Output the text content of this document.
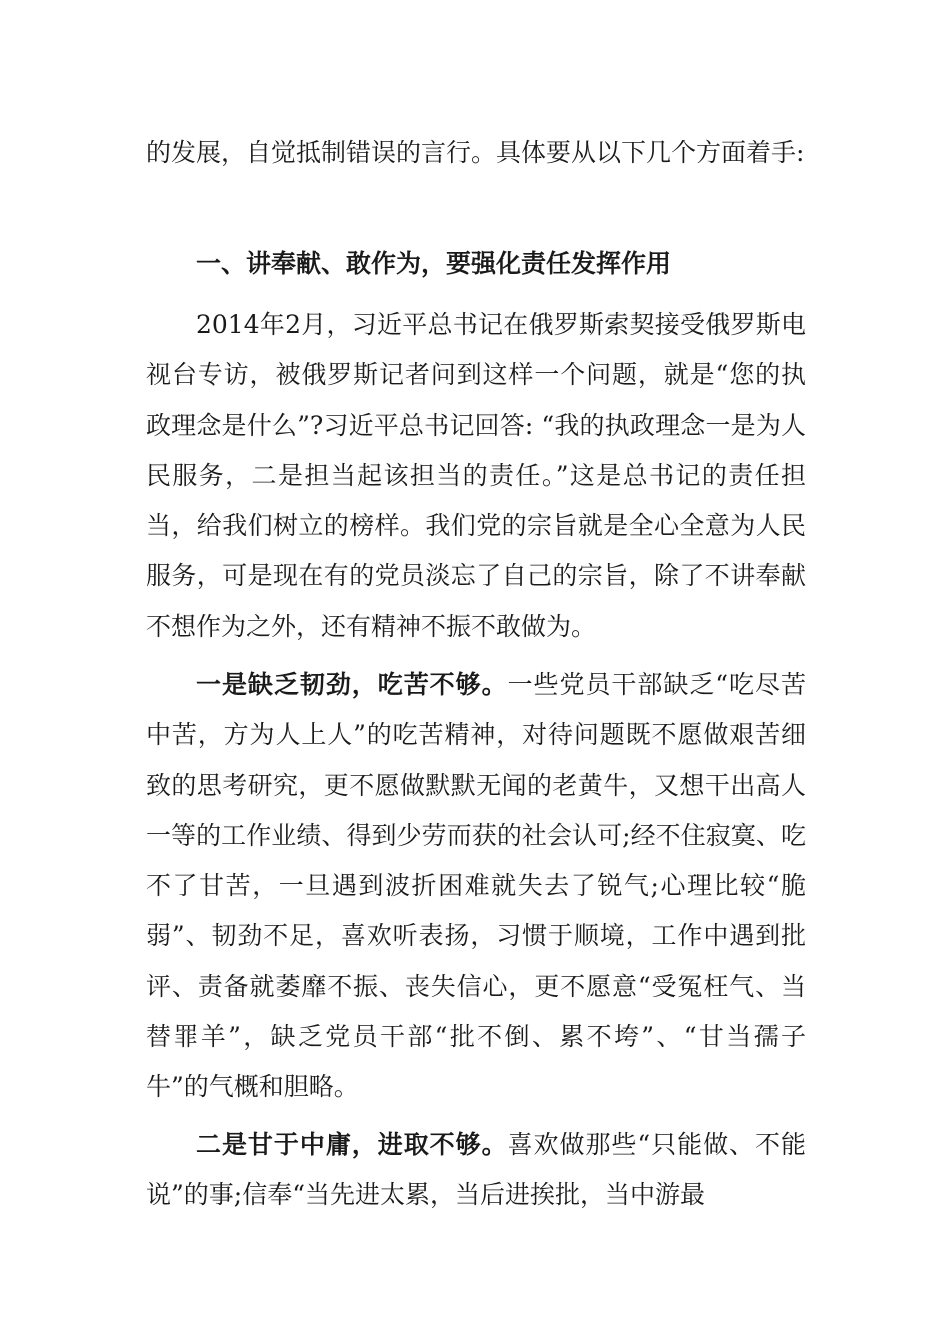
的发展，自觉抵制错误的言行。具体要从以下几个方面着手:

一、讲奉献、敢作为，要强化责任发挥作用

2014年2月，习近平总书记在俄罗斯索契接受俄罗斯电视台专访，被俄罗斯记者问到这样一个问题，就是“您的执政理念是什么”?习近平总书记回答: “我的执政理念一是为人民服务，二是担当起该担当的责任。”这是总书记的责任担当，给我们树立的榜样。我们党的宗旨就是全心全意为人民服务，可是现在有的党员淡忘了自己的宗旨，除了不讲奉献不想作为之外，还有精神不振不敢做为。

一是缺乏韧劲，吃苦不够。一些党员干部缺乏“吃尽苦中苦，方为人上人”的吃苦精神，对待问题既不愿做艰苦细致的思考研究，更不愿做默默无闻的老黄牛，又想干出高人一等的工作业绩、得到少劳而获的社会认可;经不住寂寞、吃不了甘苦，一旦遇到波折困难就失去了锐气;心理比较“脆弱”、韧劲不足，喜欢听表扬，习惯于顺境，工作中遇到批评、责备就萎靡不振、丧失信心，更不愿意“受冤枉气、当替罪羊”，缺乏党员干部“批不倒、累不垮”、“甘当孺子牛”的气概和胆略。

二是甘于中庸，进取不够。喜欢做那些“只能做、不能说”的事;信奉“当先进太累，当后进挨批，当中游最
